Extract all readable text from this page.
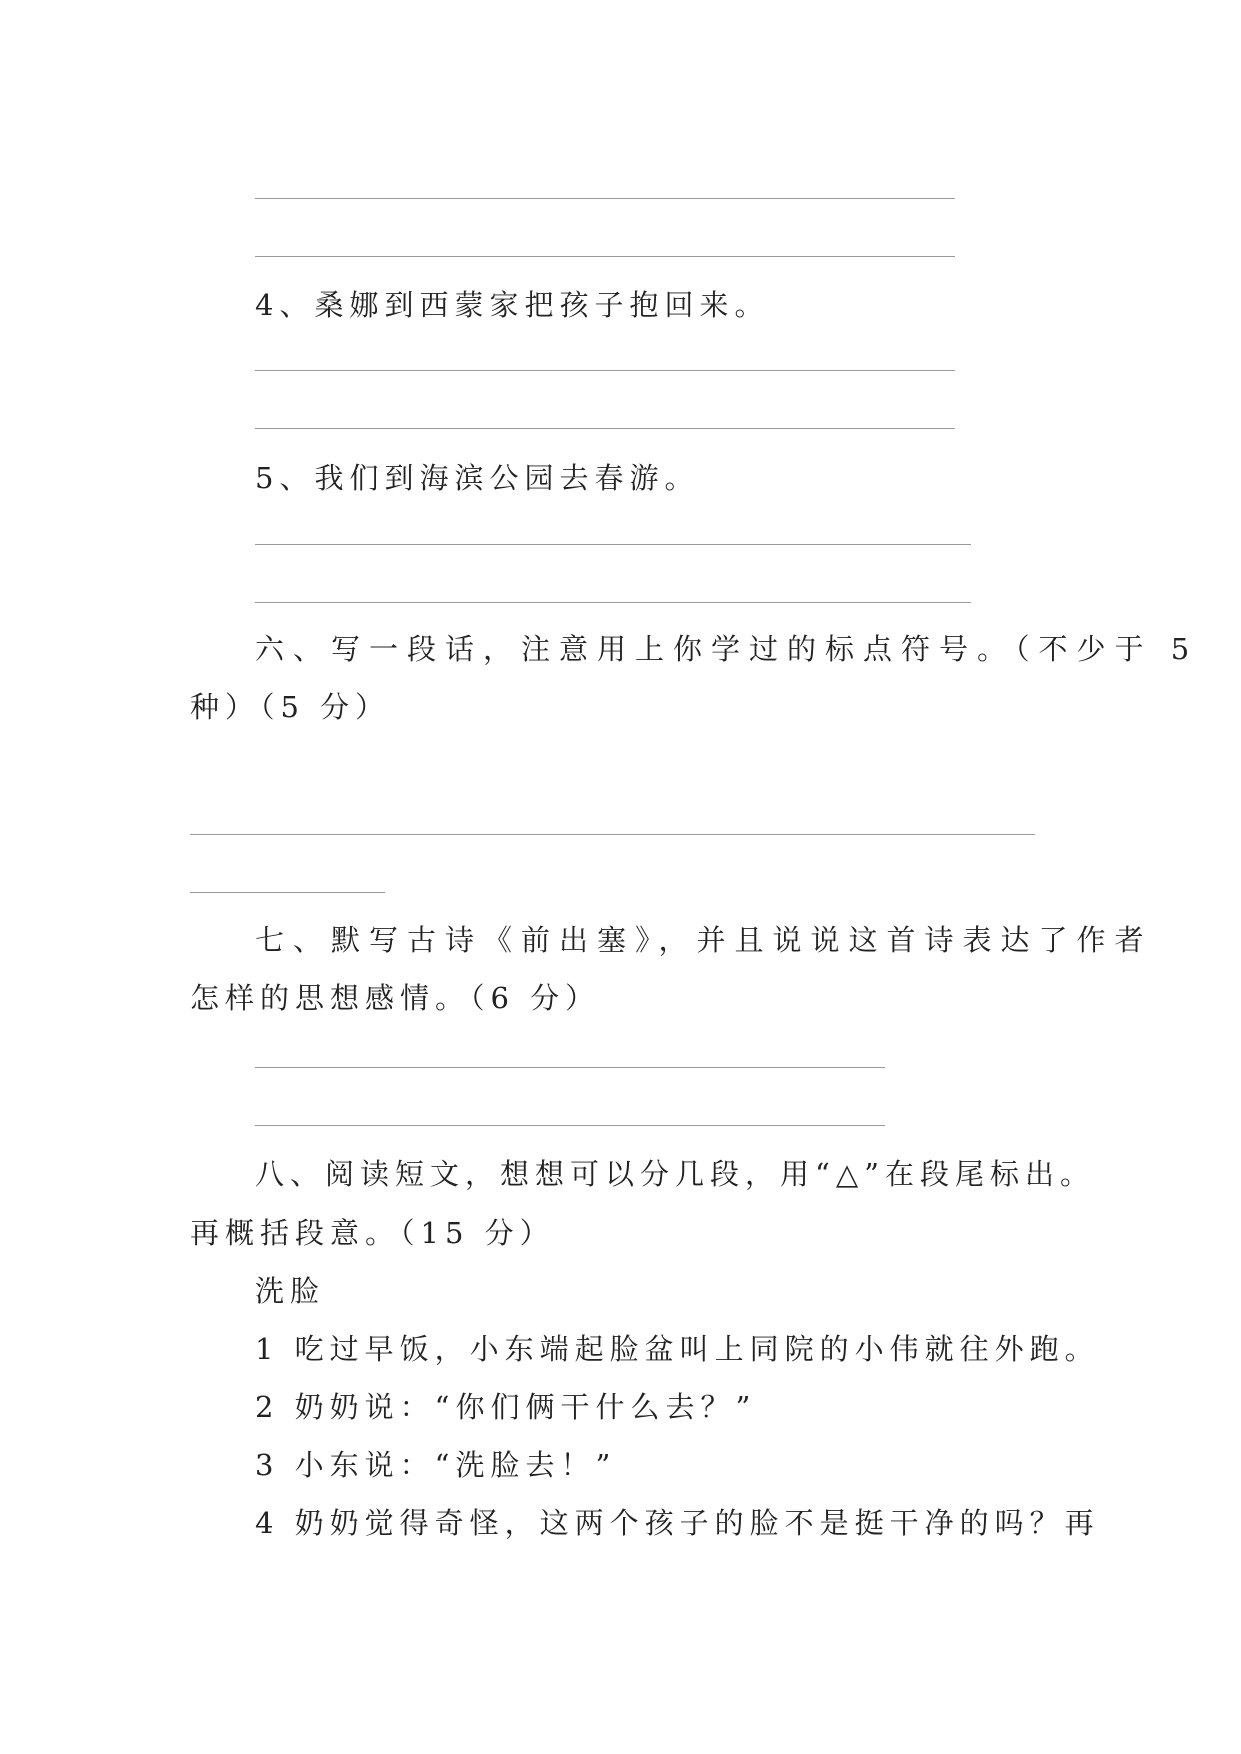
4、桑娜到西蒙家把孩子抱回来。
5、我们到海滨公园去春游。
六、写一段话，注意用上你学过的标点符号。（不少于 5
种）（5 分）
七、默写古诗《前出塞》，并且说说这首诗表达了作者
怎样的思想感情。（6 分）
八、阅读短文，想想可以分几段，用“△”在段尾标出。
再概括段意。（15 分）
洗脸
1 吃过早饭，小东端起脸盆叫上同院的小伟就往外跑。
2 奶奶说：“你们俩干什么去？”
3 小东说：“洗脸去！”
4 奶奶觉得奇怪，这两个孩子的脸不是挺干净的吗？再
